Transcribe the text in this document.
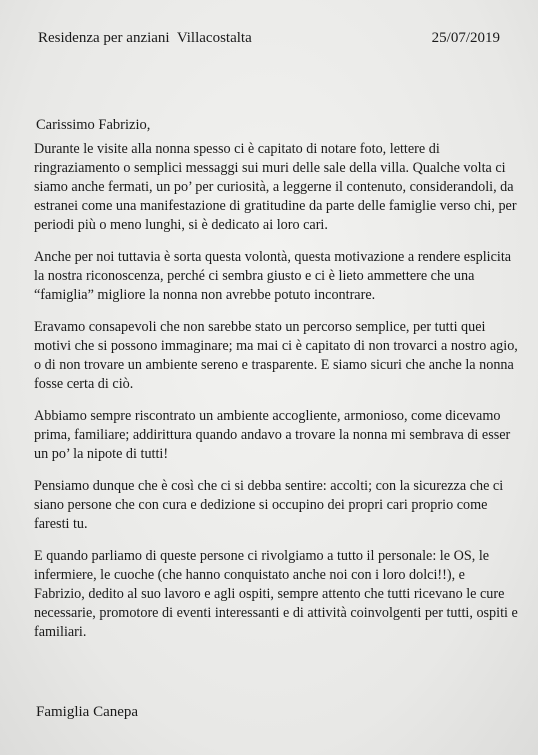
Residenza per anziani  Villacostalta	25/07/2019
Carissimo Fabrizio,

Durante le visite alla nonna spesso ci è capitato di notare foto, lettere di ringraziamento o semplici messaggi sui muri delle sale della villa. Qualche volta ci siamo anche fermati, un po’ per curiosità, a leggerne il contenuto, considerandoli, da estranei come una manifestazione di gratitudine da parte delle famiglie verso chi, per periodi più o meno lunghi, si è dedicato ai loro cari.

Anche per noi tuttavia è sorta questa volontà, questa motivazione a rendere esplicita la nostra riconoscenza, perché ci sembra giusto e ci è lieto ammettere che una “famiglia” migliore la nonna non avrebbe potuto incontrare.

Eravamo consapevoli che non sarebbe stato un percorso semplice, per tutti quei motivi che si possono immaginare; ma mai ci è capitato di non trovarci a nostro agio, o di non trovare un ambiente sereno e trasparente. E siamo sicuri che anche la nonna fosse certa di ciò.

Abbiamo sempre riscontrato un ambiente accogliente, armonioso, come dicevamo prima, familiare; addirittura quando andavo a trovare la nonna mi sembrava di esser un po’ la nipote di tutti!

Pensiamo dunque che è così che ci si debba sentire: accolti; con la sicurezza che ci siano persone che con cura e dedizione si occupino dei propri cari proprio come faresti tu.

E quando parliamo di queste persone ci rivolgiamo a tutto il personale: le OS, le infermiere, le cuoche (che hanno conquistato anche noi con i loro dolci!!), e Fabrizio, dedito al suo lavoro e agli ospiti, sempre attento che tutti ricevano le cure necessarie, promotore di eventi interessanti e di attività coinvolgenti per tutti, ospiti e familiari.

Famiglia Canepa
